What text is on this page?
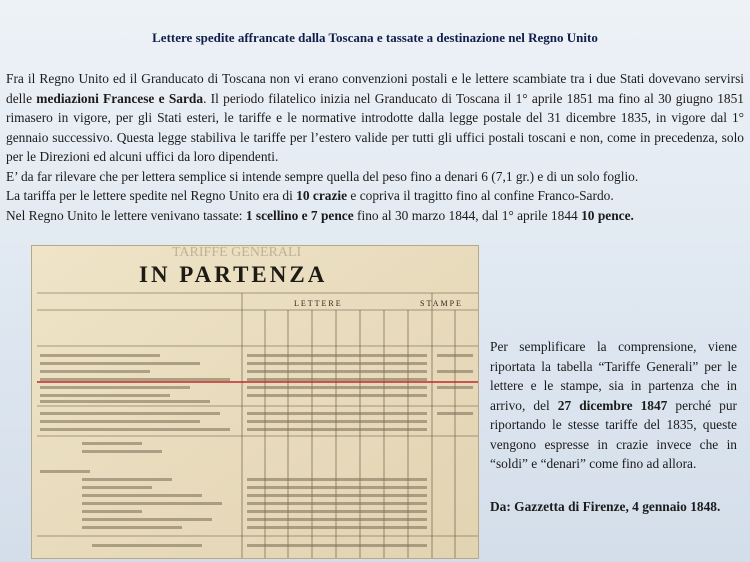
Lettere spedite affrancate dalla Toscana e tassate a destinazione nel Regno Unito

Fra il Regno Unito ed il Granducato di Toscana non vi erano convenzioni postali e le lettere scambiate tra i due Stati dovevano servirsi delle mediazioni Francese e Sarda. Il periodo filatelico inizia nel Granducato di Toscana il 1° aprile 1851 ma fino al 30 giugno 1851 rimasero in vigore, per gli Stati esteri, le tariffe e le normative introdotte dalla legge postale del 31 dicembre 1835, in vigore dal 1° gennaio successivo. Questa legge stabiliva le tariffe per l’estero valide per tutti gli uffici postali toscani e non, come in precedenza, solo per le Direzioni ed alcuni uffici da loro dipendenti.

E’ da far rilevare che per lettera semplice si intende sempre quella del peso fino a denari 6 (7,1 gr.) e di un solo foglio.

La tariffa per le lettere spedite nel Regno Unito era di 10 crazie e copriva il tragitto fino al confine Franco-Sardo.

Nel Regno Unito le lettere venivano tassate: 1 scellino e 7 pence fino al 30 marzo 1844, dal 1° aprile 1844 10 pence.

TARIFFE GENERALI
IN PARTENZA
LETTERE	STAMPE

Per semplificare la comprensione, viene riportata la tabella “Tariffe Generali” per le lettere e le stampe, sia in partenza che in arrivo, del 27 dicembre 1847 perché pur riportando le stesse tariffe del 1835, queste vengono espresse in crazie invece che in “soldi” e “denari” come fino ad allora.

Da: Gazzetta di Firenze, 4 gennaio 1848.
